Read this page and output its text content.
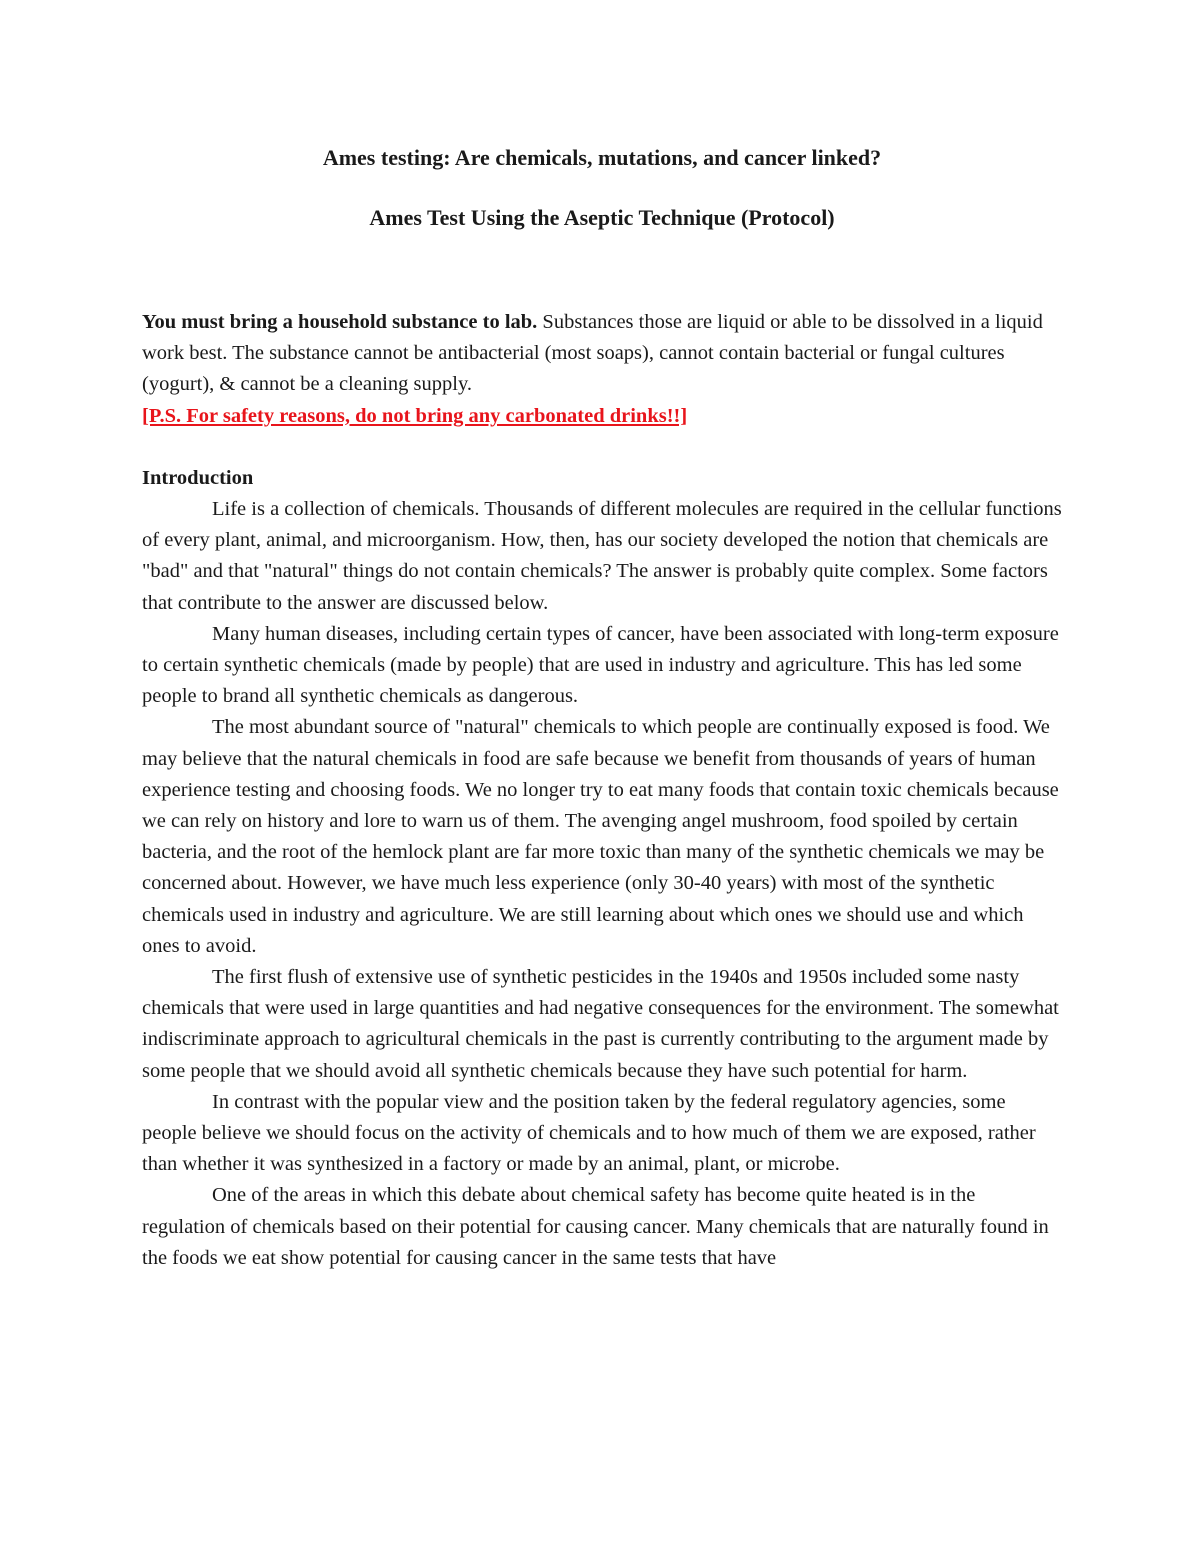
Ames testing: Are chemicals, mutations, and cancer linked?
Ames Test Using the Aseptic Technique (Protocol)
You must bring a household substance to lab. Substances those are liquid or able to be dissolved in a liquid work best. The substance cannot be antibacterial (most soaps), cannot contain bacterial or fungal cultures (yogurt), & cannot be a cleaning supply.
[P.S. For safety reasons, do not bring any carbonated drinks!!]
Introduction

Life is a collection of chemicals. Thousands of different molecules are required in the cellular functions of every plant, animal, and microorganism. How, then, has our society developed the notion that chemicals are "bad" and that "natural" things do not contain chemicals? The answer is probably quite complex. Some factors that contribute to the answer are discussed below.

Many human diseases, including certain types of cancer, have been associated with long-term exposure to certain synthetic chemicals (made by people) that are used in industry and agriculture. This has led some people to brand all synthetic chemicals as dangerous.

The most abundant source of "natural" chemicals to which people are continually exposed is food. We may believe that the natural chemicals in food are safe because we benefit from thousands of years of human experience testing and choosing foods. We no longer try to eat many foods that contain toxic chemicals because we can rely on history and lore to warn us of them. The avenging angel mushroom, food spoiled by certain bacteria, and the root of the hemlock plant are far more toxic than many of the synthetic chemicals we may be concerned about. However, we have much less experience (only 30-40 years) with most of the synthetic chemicals used in industry and agriculture. We are still learning about which ones we should use and which ones to avoid.

The first flush of extensive use of synthetic pesticides in the 1940s and 1950s included some nasty chemicals that were used in large quantities and had negative consequences for the environment. The somewhat indiscriminate approach to agricultural chemicals in the past is currently contributing to the argument made by some people that we should avoid all synthetic chemicals because they have such potential for harm.

In contrast with the popular view and the position taken by the federal regulatory agencies, some people believe we should focus on the activity of chemicals and to how much of them we are exposed, rather than whether it was synthesized in a factory or made by an animal, plant, or microbe.

One of the areas in which this debate about chemical safety has become quite heated is in the regulation of chemicals based on their potential for causing cancer. Many chemicals that are naturally found in the foods we eat show potential for causing cancer in the same tests that have
